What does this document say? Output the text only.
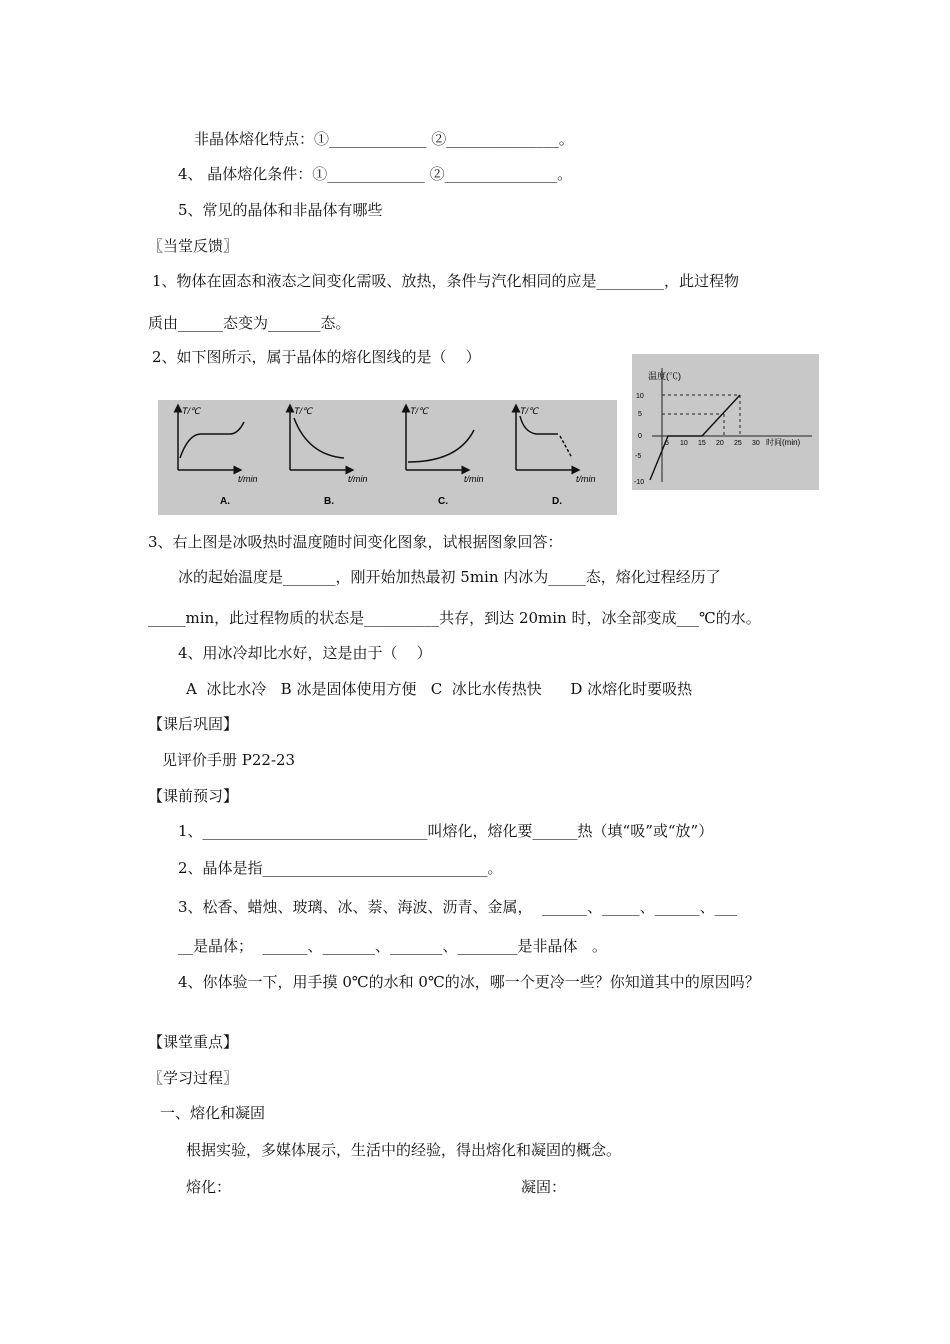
非晶体熔化特点：①_____________ ②_______________。
4、 晶体熔化条件：①_____________ ②_______________。
5、常见的晶体和非晶体有哪些
〖当堂反馈〗
1、物体在固态和液态之间变化需吸、放热，条件与汽化相同的应是_________，此过程物
质由______态变为_______态。
2、如下图所示，属于晶体的熔化图线的是（    ）
T/℃
t/min
A.
T/℃
t/min
B.
T/℃
t/min
C.
T/℃
t/min
D.
温度(℃)
时间(min)
10
5
0
-5
-10
5 10 15 20 25 30
3、右上图是冰吸热时温度随时间变化图象，试根据图象回答：
冰的起始温度是_______，刚开始加热最初 5min 内冰为_____态，熔化过程经历了
_____min，此过程物质的状态是__________共存，到达 20min 时，冰全部变成___℃的水。
4、用冰冷却比水好，这是由于（    ）
A  冰比水冷   B 冰是固体使用方便   C  冰比水传热快      D 冰熔化时要吸热
【课后巩固】
见评价手册 P22-23
【课前预习】
1、______________________________叫熔化，熔化要______热（填“吸”或“放”）
2、晶体是指______________________________。
3、松香、蜡烛、玻璃、冰、萘、海波、沥青、金属，  ______、_____、______、___
__是晶体；  ______、_______、_______、________是非晶体   。
4、你体验一下，用手摸 0℃的水和 0℃的冰，哪一个更冷一些？你知道其中的原因吗？
【课堂重点】
〖学习过程〗
一、熔化和凝固
根据实验，多媒体展示，生活中的经验，得出熔化和凝固的概念。
熔化：	凝固：
